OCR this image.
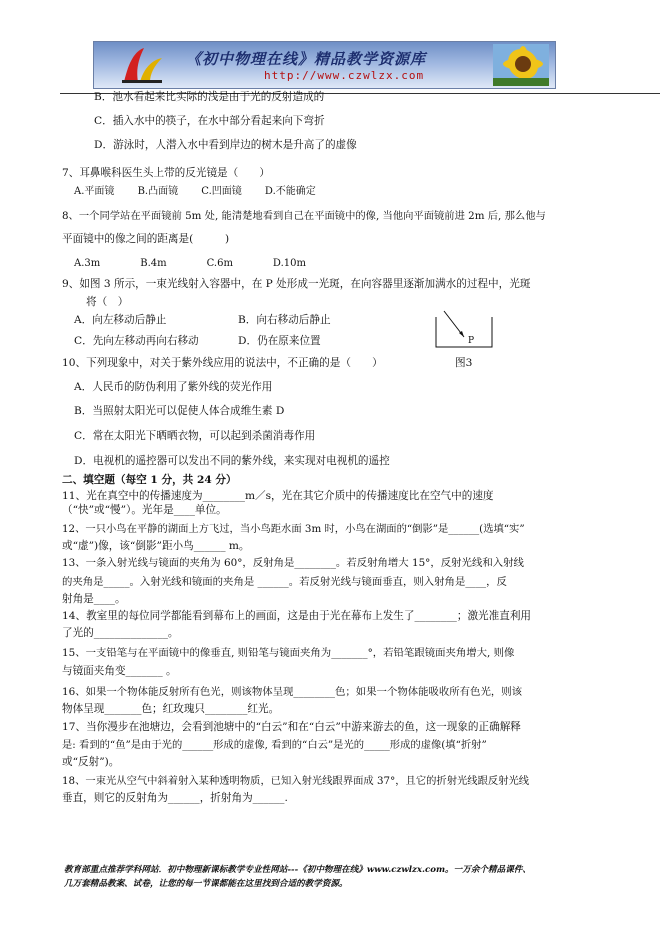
《初中物理在线》精品教学资源库
http://www.czwlzx.com
B．池水看起来比实际的浅是由于光的反射造成的
C．插入水中的筷子，在水中部分看起来向下弯折
D．游泳时，人潜入水中看到岸边的树木是升高了的虚像
7、耳鼻喉科医生头上带的反光镜是（　　）
A.平面镜　　 B.凸面镜　　 C.凹面镜　　 D.不能确定
8、一个同学站在平面镜前 5m 处, 能清楚地看到自己在平面镜中的像, 当他向平面镜前进 2m 后, 那么他与
平面镜中的像之间的距离是(　　　)
A.3m　　　　B.4m　　　　C.6m　　　　D.10m
9、如图 3 所示，一束光线射入容器中，在 P 处形成一光斑，在向容器里逐渐加满水的过程中，光斑
将（　）
A．向左移动后静止	B．向右移动后静止
C．先向左移动再向右移动	D．仍在原来位置	P
10、下列现象中，对关于紫外线应用的说法中，不正确的是（　　）	图3
A．人民币的防伪利用了紫外线的荧光作用
B．当照射太阳光可以促使人体合成维生素 D
C．常在太阳光下晒晒衣物，可以起到杀菌消毒作用
D．电视机的遥控器可以发出不同的紫外线，来实现对电视机的遥控
二、填空题（每空 1 分，共 24 分）
11、光在真空中的传播速度为________m／s，光在其它介质中的传播速度比在空气中的速度
（“快”或“慢”）。光年是____单位。
12、一只小鸟在平静的湖面上方飞过，当小鸟距水面 3m 时，小鸟在湖面的“倒影”是______(选填“实”
或“虚”)像，该“倒影”距小鸟______ m。
13、一条入射光线与镜面的夹角为 60°，反射角是________。若反射角增大 15°，反射光线和入射线
的夹角是_____。入射光线和镜面的夹角是 ______。若反射光线与镜面垂直，则入射角是____，反
射角是____。
14、教室里的每位同学都能看到幕布上的画面，这是由于光在幕布上发生了________；激光准直利用
了光的______________。
15、一支铅笔与在平面镜中的像垂直, 则铅笔与镜面夹角为_______°，若铅笔跟镜面夹角增大, 则像
与镜面夹角变_______ 。
16、如果一个物体能反射所有色光，则该物体呈现________色；如果一个物体能吸收所有色光，则该
物体呈现_______色；红玫瑰只________红光。
17、当你漫步在池塘边，会看到池塘中的“白云”和在“白云”中游来游去的鱼，这一现象的正确解释
是: 看到的“鱼”是由于光的______形成的虚像, 看到的“白云”是光的_____形成的虚像(填“折射”
或“反射”)。
18、一束光从空气中斜着射入某种透明物质，已知入射光线跟界面成 37°，且它的折射光线跟反射光线
垂直，则它的反射角为______，折射角为______.
教育部重点推荐学科网站．初中物理新课标教学专业性网站---《初中物理在线》www.czwlzx.com。一万余个精品课件、
几万套精品教案、试卷，让您的每一节课都能在这里找到合适的教学资源。
